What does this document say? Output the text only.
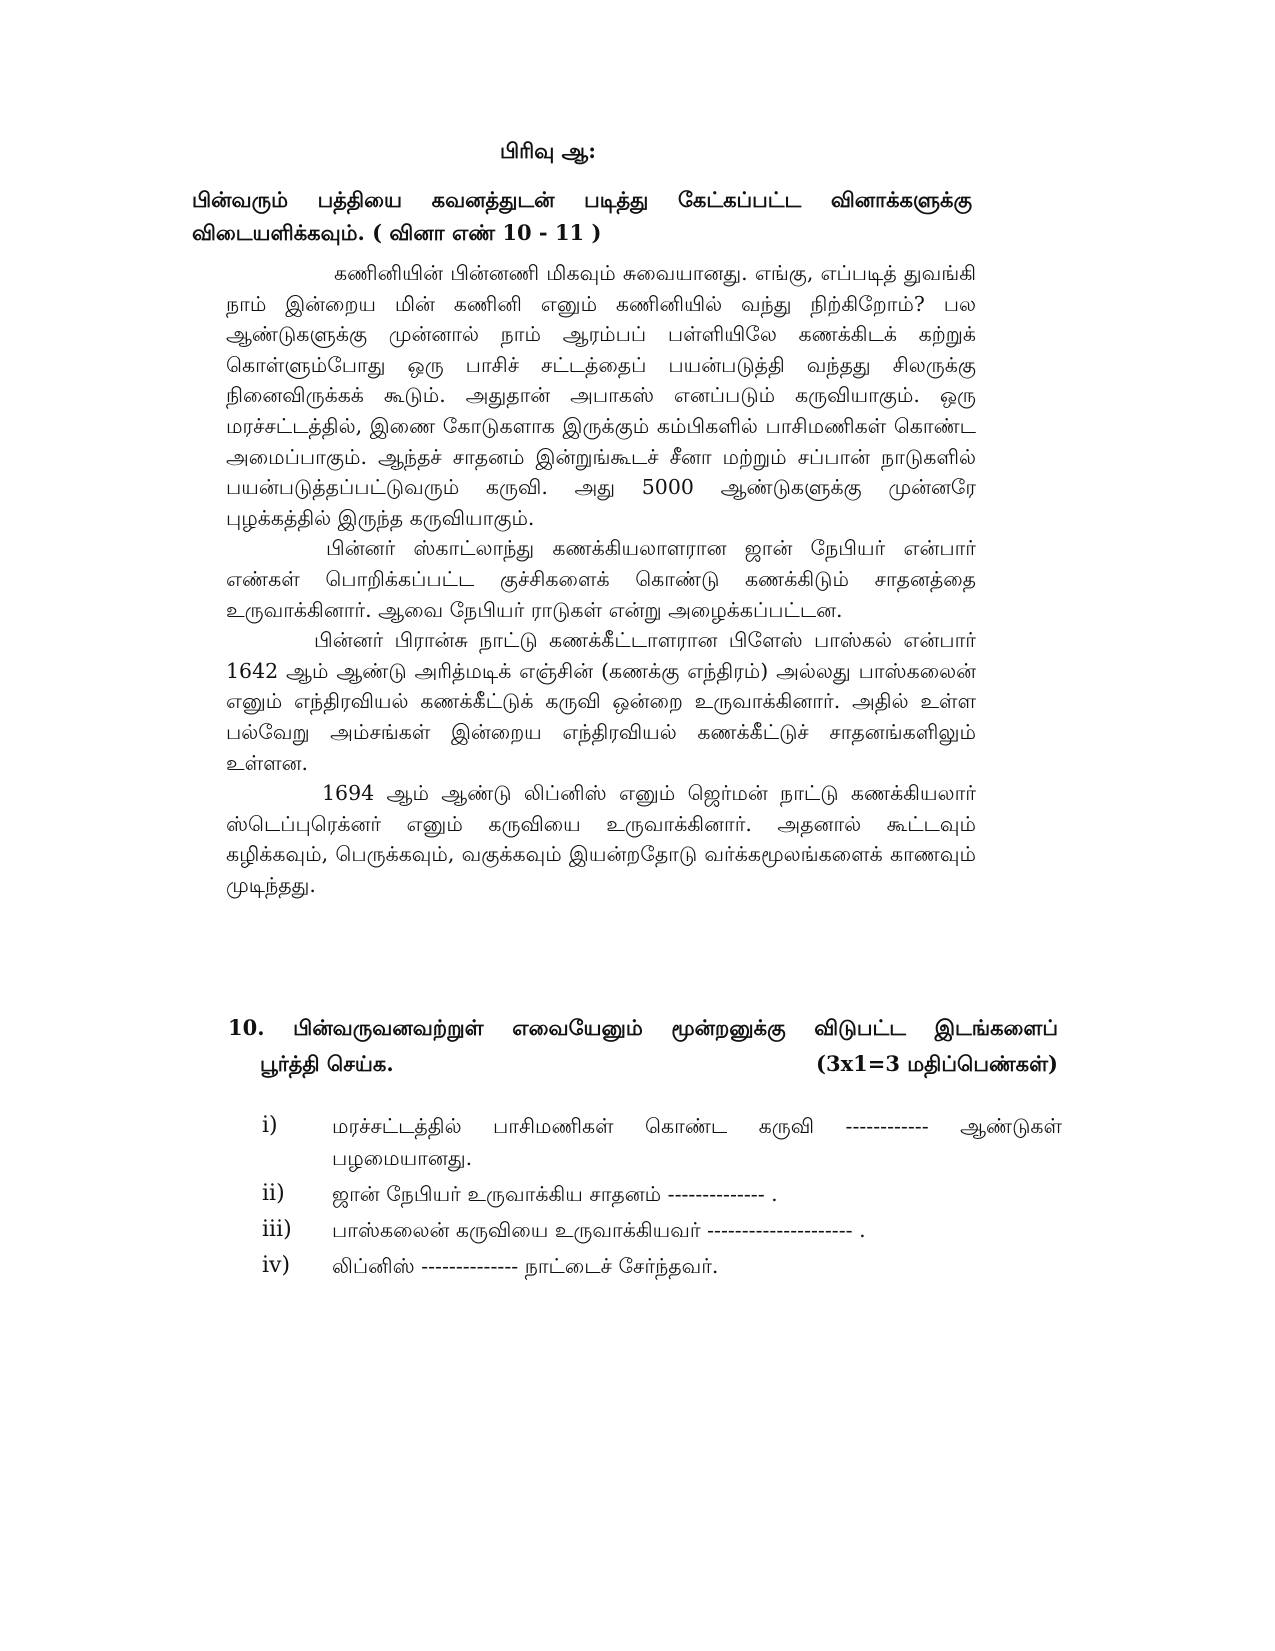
பிரிவு ஆ:
பின்வரும் பத்தியை கவனத்துடன் படித்து கேட்கப்பட்ட வினாக்களுக்கு
விடையளிக்கவும். ( வினா எண் 10 - 11 )

கணினியின் பின்னணி மிகவும் சுவையானது. எங்கு, எப்படித் துவங்கி நாம் இன்றைய மின் கணினி எனும் கணினியில் வந்து நிற்கிறோம்? பல ஆண்டுகளுக்கு முன்னால் நாம் ஆரம்பப் பள்ளியிலே கணக்கிடக் கற்றுக் கொள்ளும்போது ஒரு பாசிச் சட்டத்தைப் பயன்படுத்தி வந்தது சிலருக்கு நினைவிருக்கக் கூடும். அதுதான் அபாகஸ் எனப்படும் கருவியாகும். ஒரு மரச்சட்டத்தில், இணை கோடுகளாக இருக்கும் கம்பிகளில் பாசிமணிகள் கொண்ட அமைப்பாகும். ஆந்தச் சாதனம் இன்றுங்கூடச் சீனா மற்றும் சப்பான் நாடுகளில் பயன்படுத்தப்பட்டுவரும் கருவி. அது 5000 ஆண்டுகளுக்கு முன்னரே புழக்கத்தில் இருந்த கருவியாகும்.

பின்னர் ஸ்காட்லாந்து கணக்கியலாளரான ஜான் நேபியர் என்பார் எண்கள் பொறிக்கப்பட்ட குச்சிகளைக் கொண்டு கணக்கிடும் சாதனத்தை உருவாக்கினார். ஆவை நேபியர் ராடுகள் என்று அழைக்கப்பட்டன.

பின்னர் பிரான்சு நாட்டு கணக்கீட்டாளரான பிளேஸ் பாஸ்கல் என்பார் 1642 ஆம் ஆண்டு அரித்மடிக் எஞ்சின் (கணக்கு எந்திரம்) அல்லது பாஸ்கலைன் எனும் எந்திரவியல் கணக்கீட்டுக் கருவி ஒன்றை உருவாக்கினார். அதில் உள்ள பல்வேறு அம்சங்கள் இன்றைய எந்திரவியல் கணக்கீட்டுச் சாதனங்களிலும் உள்ளன.

1694 ஆம் ஆண்டு லிப்னிஸ் எனும் ஜெர்மன் நாட்டு கணக்கியலார் ஸ்டெப்புரெக்னர் எனும் கருவியை உருவாக்கினார். அதனால் கூட்டவும் கழிக்கவும், பெருக்கவும், வகுக்கவும் இயன்றதோடு வர்க்கமூலங்களைக் காணவும் முடிந்தது.

10. பின்வருவனவற்றுள் எவையேனும் மூன்றனுக்கு விடுபட்ட இடங்களைப்
பூர்த்தி செய்க.	(3x1=3 மதிப்பெண்கள்)
i)	மரச்சட்டத்தில் பாசிமணிகள் கொண்ட கருவி ------------ ஆண்டுகள்
பழமையானது.
ii)	ஜான் நேபியர் உருவாக்கிய சாதனம் -------------- .
iii)	பாஸ்கலைன் கருவியை உருவாக்கியவர் --------------------- .
iv)	லிப்னிஸ் -------------- நாட்டைச் சேர்ந்தவர்.
